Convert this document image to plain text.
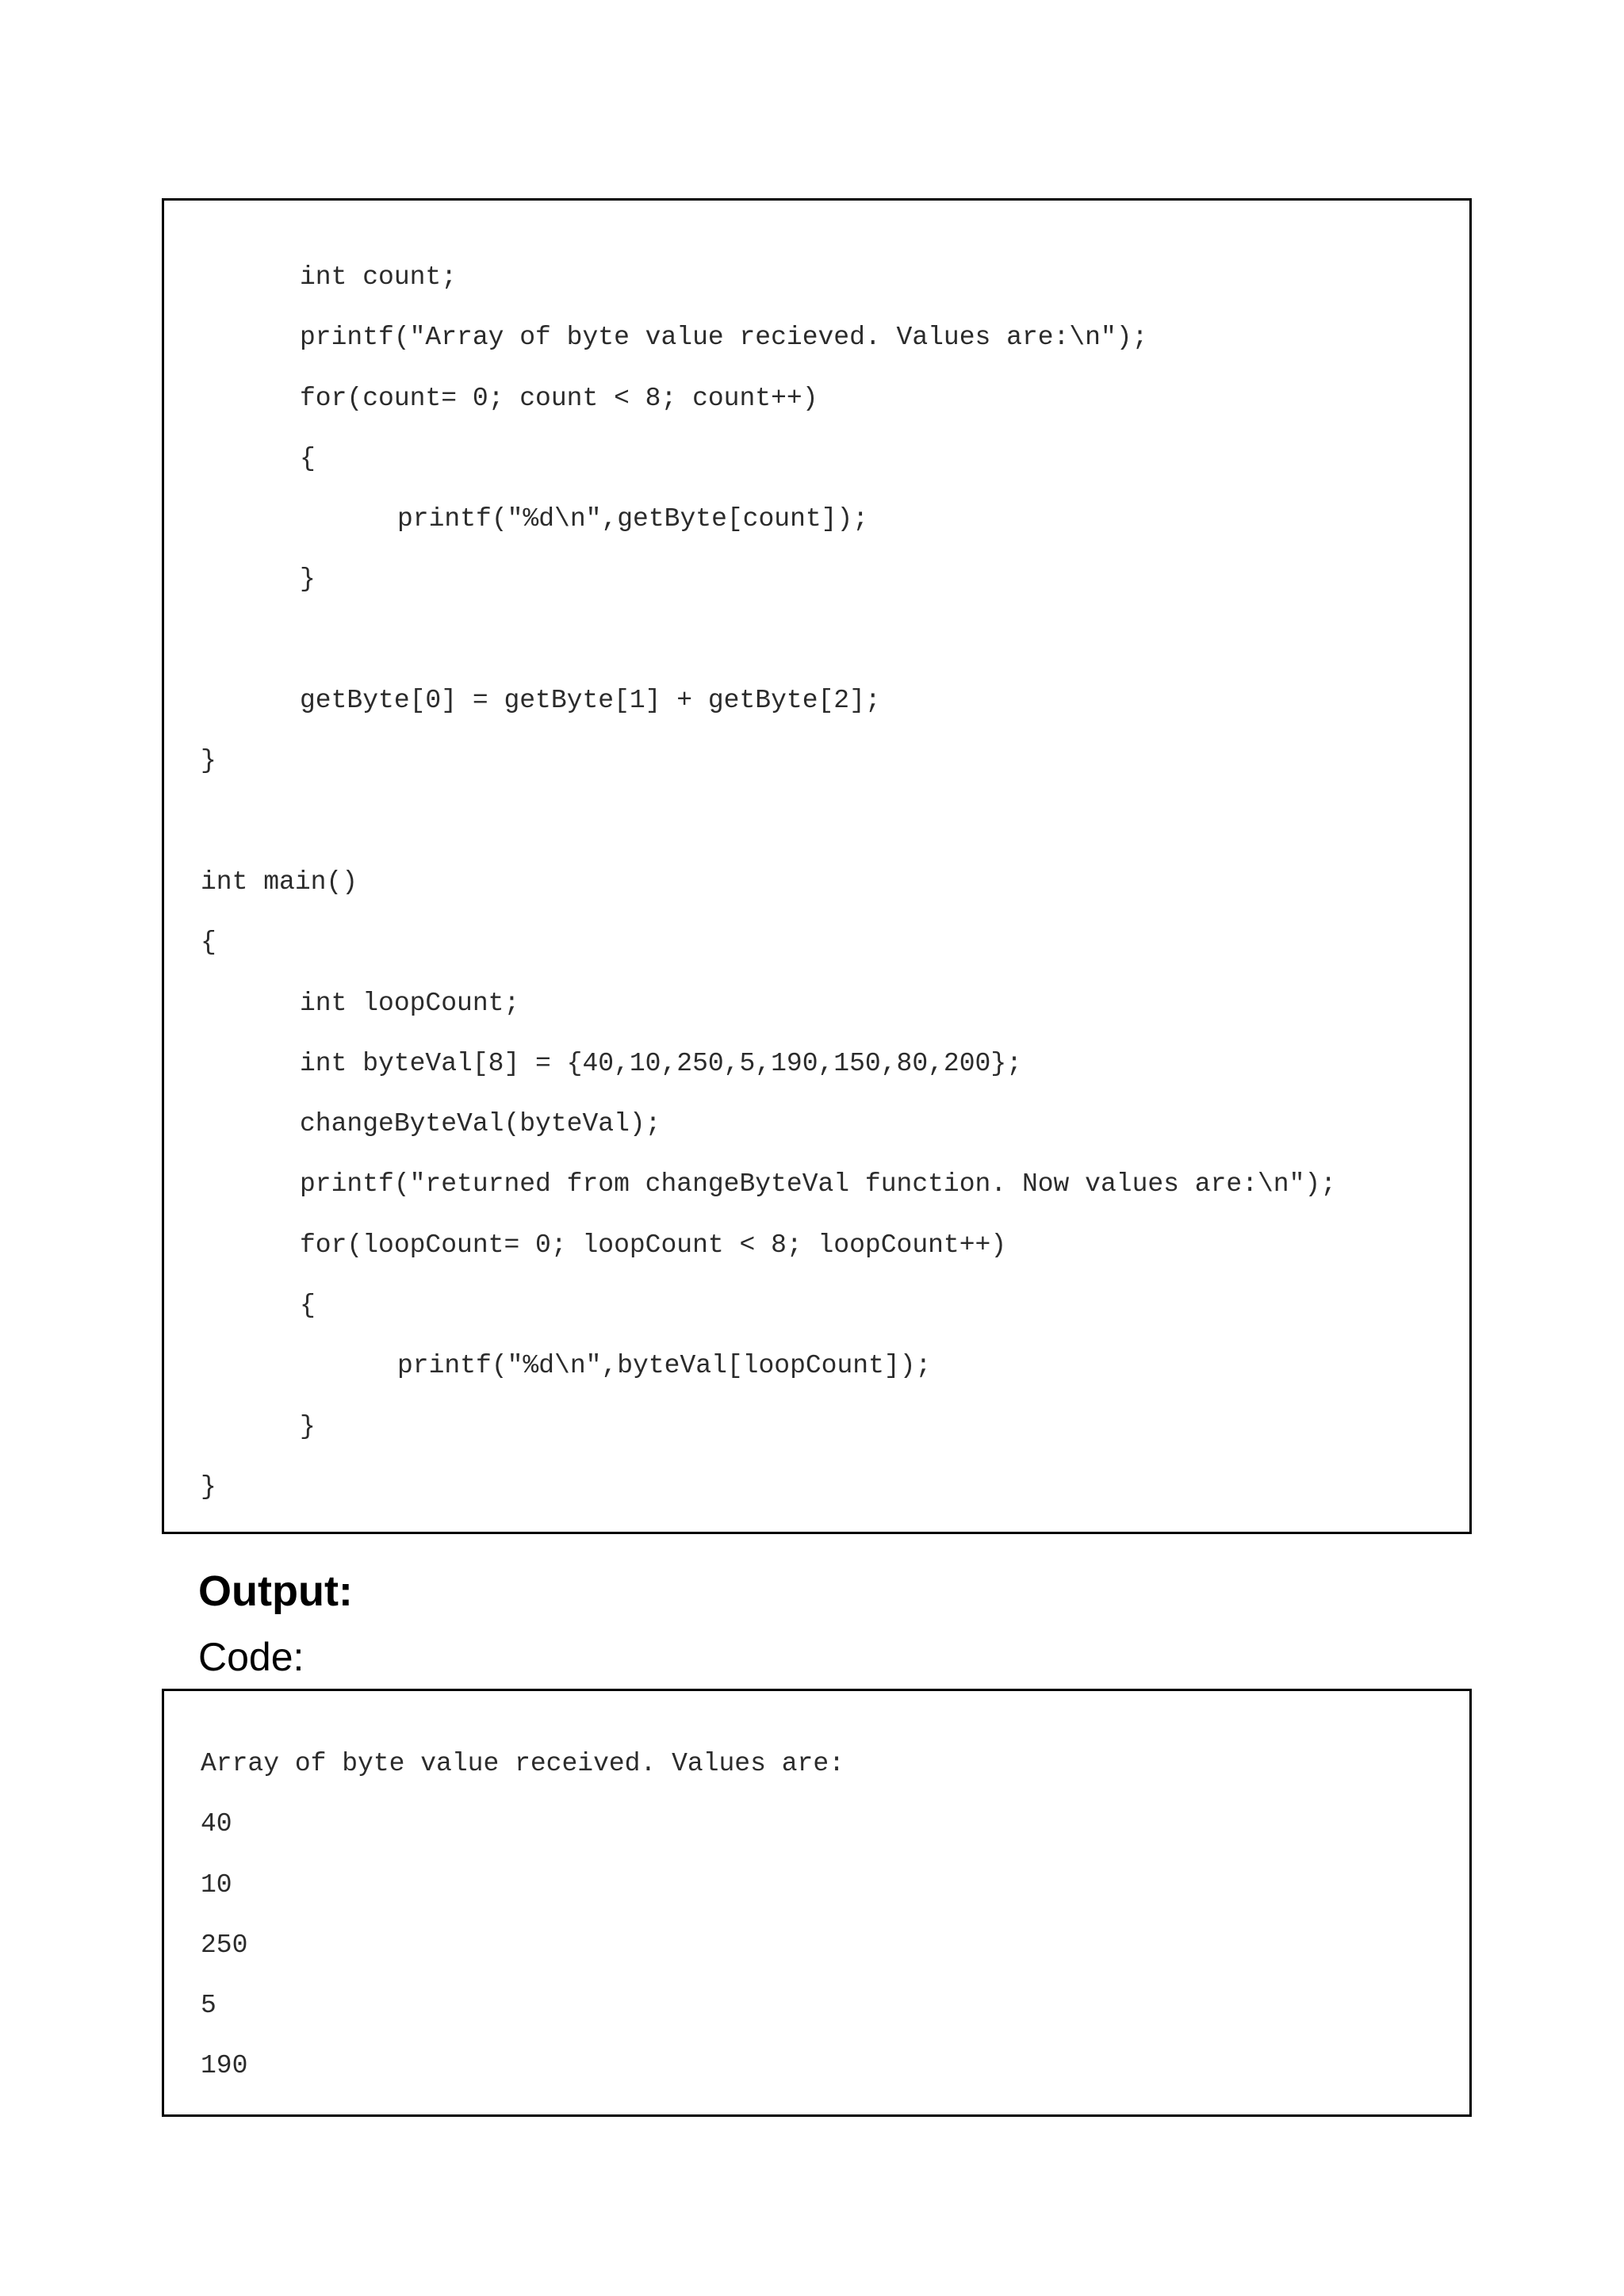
int count;
printf("Array of byte value recieved. Values are:\n");
for(count= 0; count < 8; count++)
{
printf("%d\n",getByte[count]);
}
getByte[0] = getByte[1] + getByte[2];
}
int main()
{
int loopCount;
int byteVal[8] = {40,10,250,5,190,150,80,200};
changeByteVal(byteVal);
printf("returned from changeByteVal function. Now values are:\n");
for(loopCount= 0; loopCount < 8; loopCount++)
{
printf("%d\n",byteVal[loopCount]);
}
}
Output:
Code:
Array of byte value received. Values are:
40
10
250
5
190
